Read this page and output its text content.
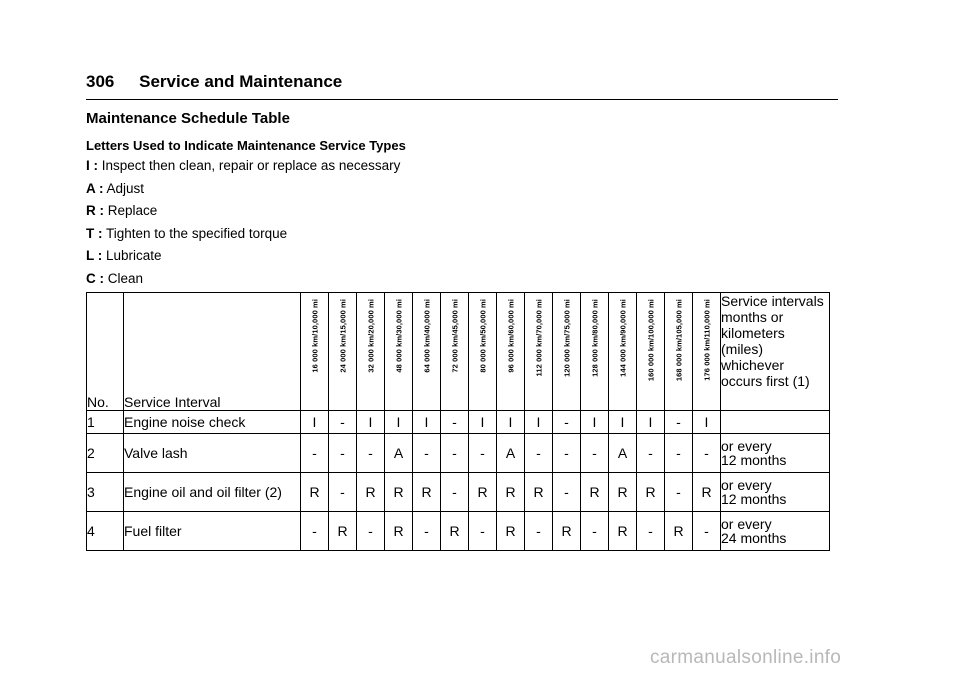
306 Service and Maintenance
Maintenance Schedule Table
Letters Used to Indicate Maintenance Service Types
I : Inspect then clean, repair or replace as necessary
A : Adjust
R : Replace
T : Tighten to the specified torque
L : Lubricate
C : Clean
No.	Service Interval	16 000 km/10,000 mi	24 000 km/15,000 mi	32 000 km/20,000 mi	48 000 km/30,000 mi	64 000 km/40,000 mi	72 000 km/45,000 mi	80 000 km/50,000 mi	96 000 km/60,000 mi	112 000 km/70,000 mi	120 000 km/75,000 mi	128 000 km/80,000 mi	144 000 km/90,000 mi	160 000 km/100,000 mi	168 000 km/105,000 mi	176 000 km/110,000 mi	Service intervals months or kilometers (miles) whichever occurs first (1)
1	Engine noise check	I	-	I	I	I	-	I	I	I	-	I	I	I	-	I	
2	Valve lash	-	-	-	A	-	-	-	A	-	-	-	A	-	-	-	or every
12 months
3	Engine oil and oil filter (2)	R	-	R	R	R	-	R	R	R	-	R	R	R	-	R	or every
12 months
4	Fuel filter	-	R	-	R	-	R	-	R	-	R	-	R	-	R	-	or every
24 months
carmanualsonline.info
